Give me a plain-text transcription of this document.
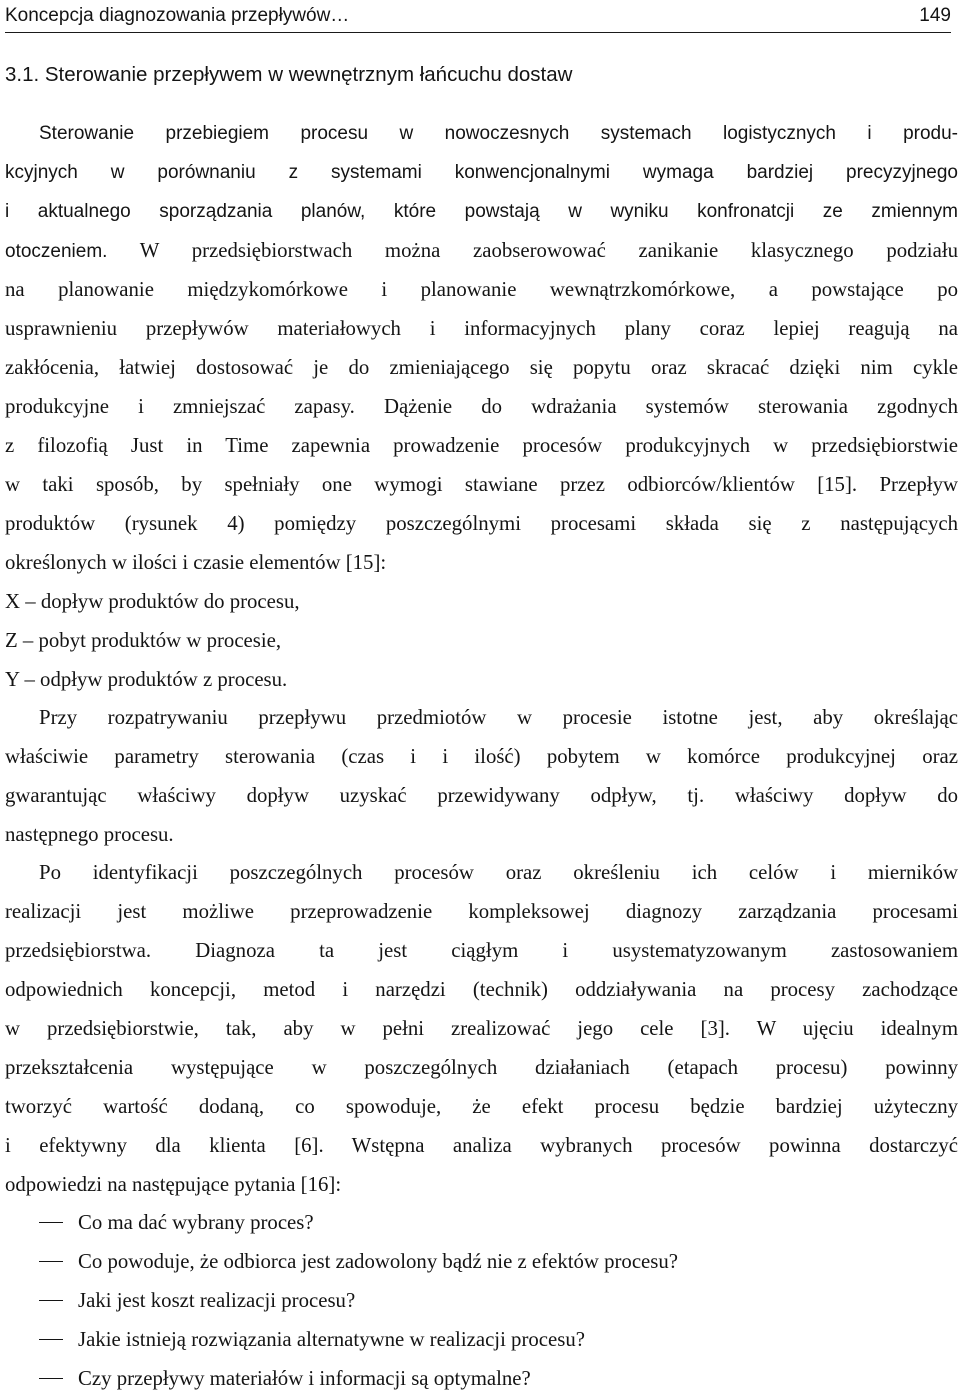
Koncepcja diagnozowania przepływów…	149
3.1. Sterowanie przepływem w wewnętrznym łańcuchu dostaw
Sterowanie przebiegiem procesu w nowoczesnych systemach logistycznych i produ-
kcyjnych w porównaniu z systemami konwencjonalnymi wymaga bardziej precyzyjnego
i aktualnego sporządzania planów, które powstają w wyniku konfronatcji ze zmiennym
otoczeniem. W przedsiębiorstwach można zaobserowować zanikanie klasycznego podziału
na planowanie międzykomórkowe i planowanie wewnątrzkomórkowe, a powstające po
usprawnieniu przepływów materiałowych i informacyjnych plany coraz lepiej reagują na
zakłócenia, łatwiej dostosować je do zmieniającego się popytu oraz skracać dzięki nim cykle
produkcyjne i zmniejszać zapasy. Dążenie do wdrażania systemów sterowania zgodnych
z filozofią Just in Time zapewnia prowadzenie procesów produkcyjnych w przedsiębiorstwie
w taki sposób, by spełniały one wymogi stawiane przez odbiorców/klientów [15]. Przepływ
produktów (rysunek 4) pomiędzy poszczególnymi procesami składa się z następujących
określonych w ilości i czasie elementów [15]:
X – dopływ produktów do procesu,
Z – pobyt produktów w procesie,
Y – odpływ produktów z procesu.
Przy rozpatrywaniu przepływu przedmiotów w procesie istotne jest, aby określając
właściwie parametry sterowania (czas i i ilość) pobytem w komórce produkcyjnej oraz
gwarantując właściwy dopływ uzyskać przewidywany odpływ, tj. właściwy dopływ do
następnego procesu.
Po identyfikacji poszczególnych procesów oraz określeniu ich celów i mierników
realizacji jest możliwe przeprowadzenie kompleksowej diagnozy zarządzania procesami
przedsiębiorstwa. Diagnoza ta jest ciągłym i usystematyzowanym zastosowaniem
odpowiednich koncepcji, metod i narzędzi (technik) oddziaływania na procesy zachodzące
w przedsiębiorstwie, tak, aby w pełni zrealizować jego cele [3]. W ujęciu idealnym
przekształcenia występujące w poszczególnych działaniach (etapach procesu) powinny
tworzyć wartość dodaną, co spowoduje, że efekt procesu będzie bardziej użyteczny
i efektywny dla klienta [6]. Wstępna analiza wybranych procesów powinna dostarczyć
odpowiedzi na następujące pytania [16]:
Co ma dać wybrany proces?
Co powoduje, że odbiorca jest zadowolony bądź nie z efektów procesu?
Jaki jest koszt realizacji procesu?
Jakie istnieją rozwiązania alternatywne w realizacji procesu?
Czy przepływy materiałów i informacji są optymalne?
